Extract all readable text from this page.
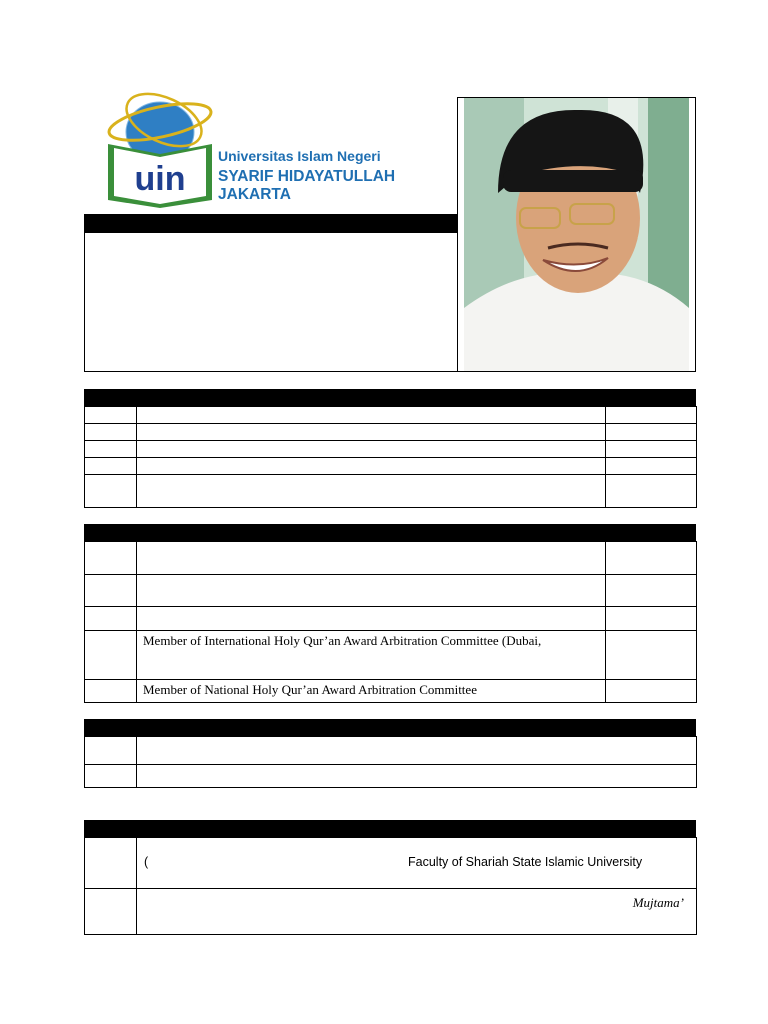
uin
Universitas Islam Negeri
SYARIF HIDAYATULLAH JAKARTA

	Member of International Holy Qur’an Award Arbitration Committee (Dubai,	

	Member of National Holy Qur’an Award Arbitration Committee	

	( Faculty of Shariah State Islamic University

	Mujtama’
